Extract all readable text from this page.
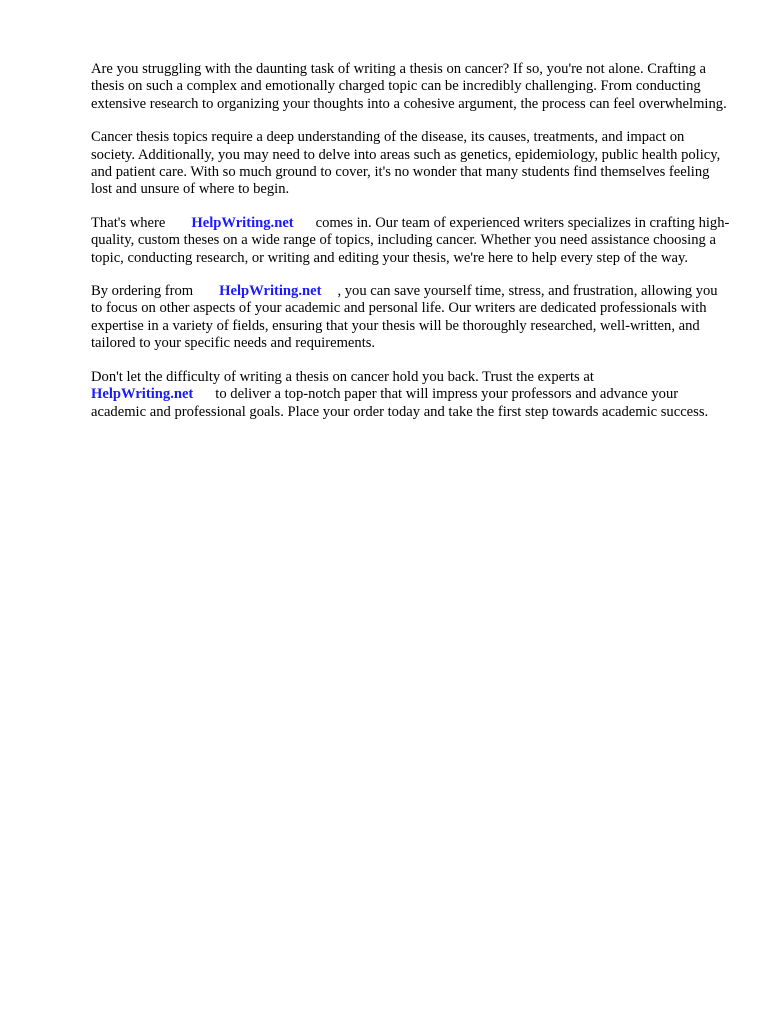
Are you struggling with the daunting task of writing a thesis on cancer? If so, you're not alone. Crafting a thesis on such a complex and emotionally charged topic can be incredibly challenging. From conducting extensive research to organizing your thoughts into a cohesive argument, the process can feel overwhelming.

Cancer thesis topics require a deep understanding of the disease, its causes, treatments, and impact on society. Additionally, you may need to delve into areas such as genetics, epidemiology, public health policy, and patient care. With so much ground to cover, it's no wonder that many students find themselves feeling lost and unsure of where to begin.

That's where HelpWriting.net comes in. Our team of experienced writers specializes in crafting high-quality, custom theses on a wide range of topics, including cancer. Whether you need assistance choosing a topic, conducting research, or writing and editing your thesis, we're here to help every step of the way.

By ordering from HelpWriting.net , you can save yourself time, stress, and frustration, allowing you to focus on other aspects of your academic and personal life. Our writers are dedicated professionals with expertise in a variety of fields, ensuring that your thesis will be thoroughly researched, well-written, and tailored to your specific needs and requirements.

Don't let the difficulty of writing a thesis on cancer hold you back. Trust the experts at HelpWriting.net to deliver a top-notch paper that will impress your professors and advance your academic and professional goals. Place your order today and take the first step towards academic success.
